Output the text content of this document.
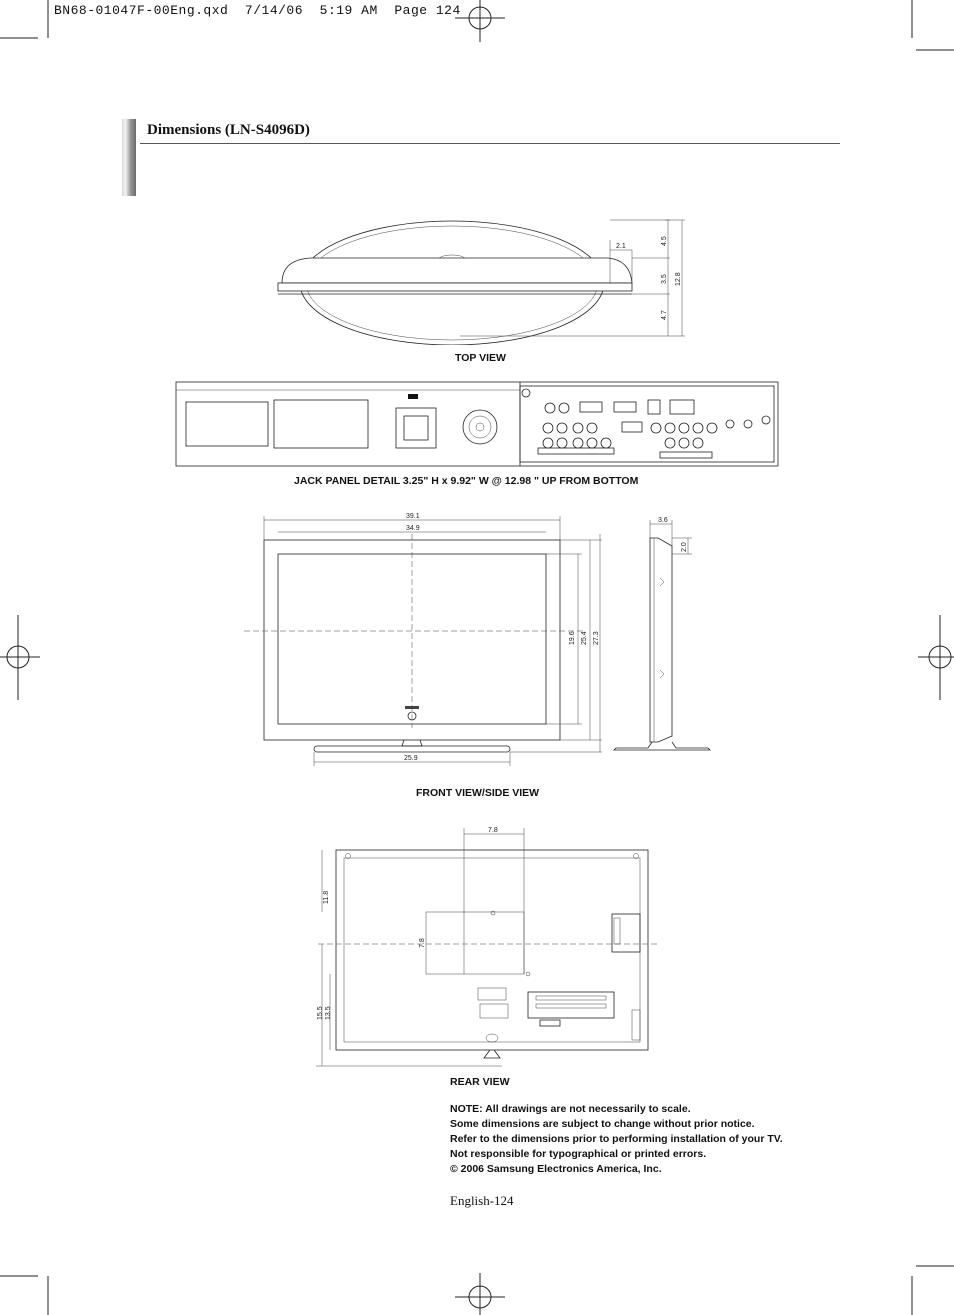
BN68-01047F-00Eng.qxd  7/14/06  5:19 AM  Page 124
Dimensions (LN-S4096D)
2.1
4.5
3.5
4.7
12.8
TOP VIEW
JACK PANEL DETAIL 3.25" H x 9.92" W @ 12.98 " UP FROM BOTTOM
39.1
34.9
25.9
19.6 25.4 27.3
3.6
2.0
FRONT VIEW/SIDE VIEW
7.8
7.8
11.8
15.5 13.5
REAR VIEW
NOTE: All drawings are not necessarily to scale.
Some dimensions are subject to change without prior notice.
Refer to the dimensions prior to performing installation of your TV.
Not responsible for typographical or printed errors.
© 2006 Samsung Electronics America, Inc.
English-124
